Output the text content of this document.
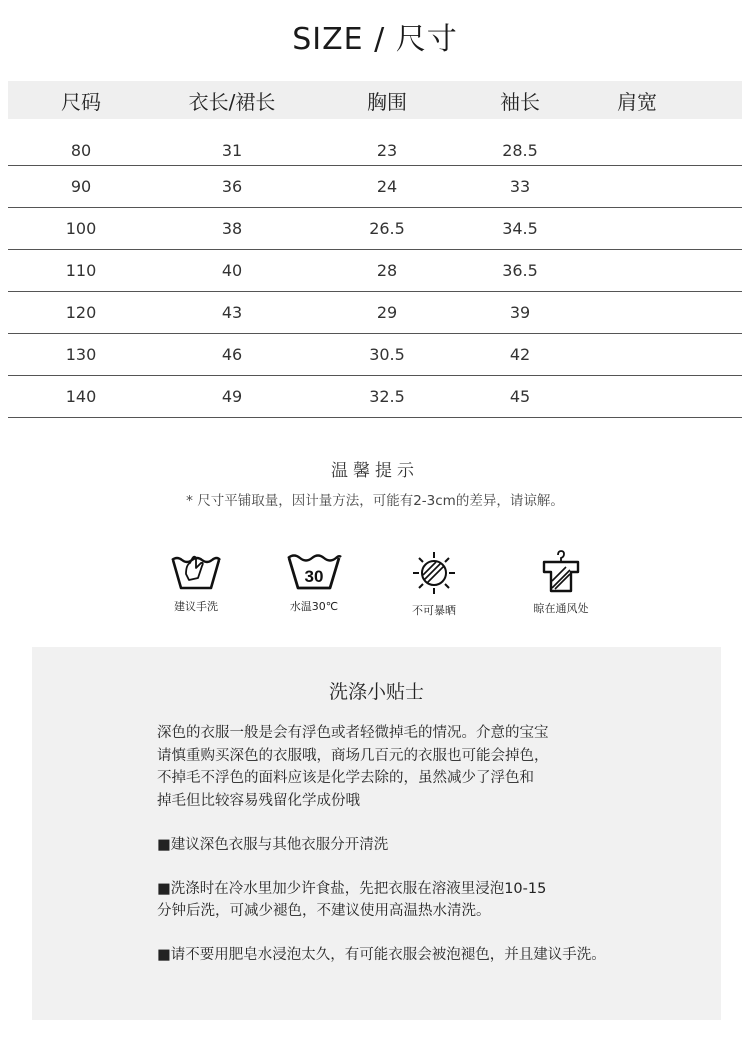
SIZE / 尺寸
尺码	衣长/裙长	胸围	袖长	肩宽
80	31	23	28.5
90	36	24	33
100	38	26.5	34.5
110	40	28	36.5
120	43	29	39
130	46	30.5	42
140	49	32.5	45
温馨提示
* 尺寸平铺取量，因计量方法，可能有2-3cm的差异，请谅解。
建议手洗
30
水温30℃	不可暴晒	晾在通风处
洗涤小贴士

深色的衣服一般是会有浮色或者轻微掉毛的情况。介意的宝宝

请慎重购买深色的衣服哦，商场几百元的衣服也可能会掉色，

不掉毛不浮色的面料应该是化学去除的，虽然减少了浮色和

掉毛但比较容易残留化学成份哦

■建议深色衣服与其他衣服分开清洗

■洗涤时在冷水里加少许食盐，先把衣服在溶液里浸泡10-15

分钟后洗，可减少褪色，不建议使用高温热水清洗。

■请不要用肥皂水浸泡太久，有可能衣服会被泡褪色，并且建议手洗。
